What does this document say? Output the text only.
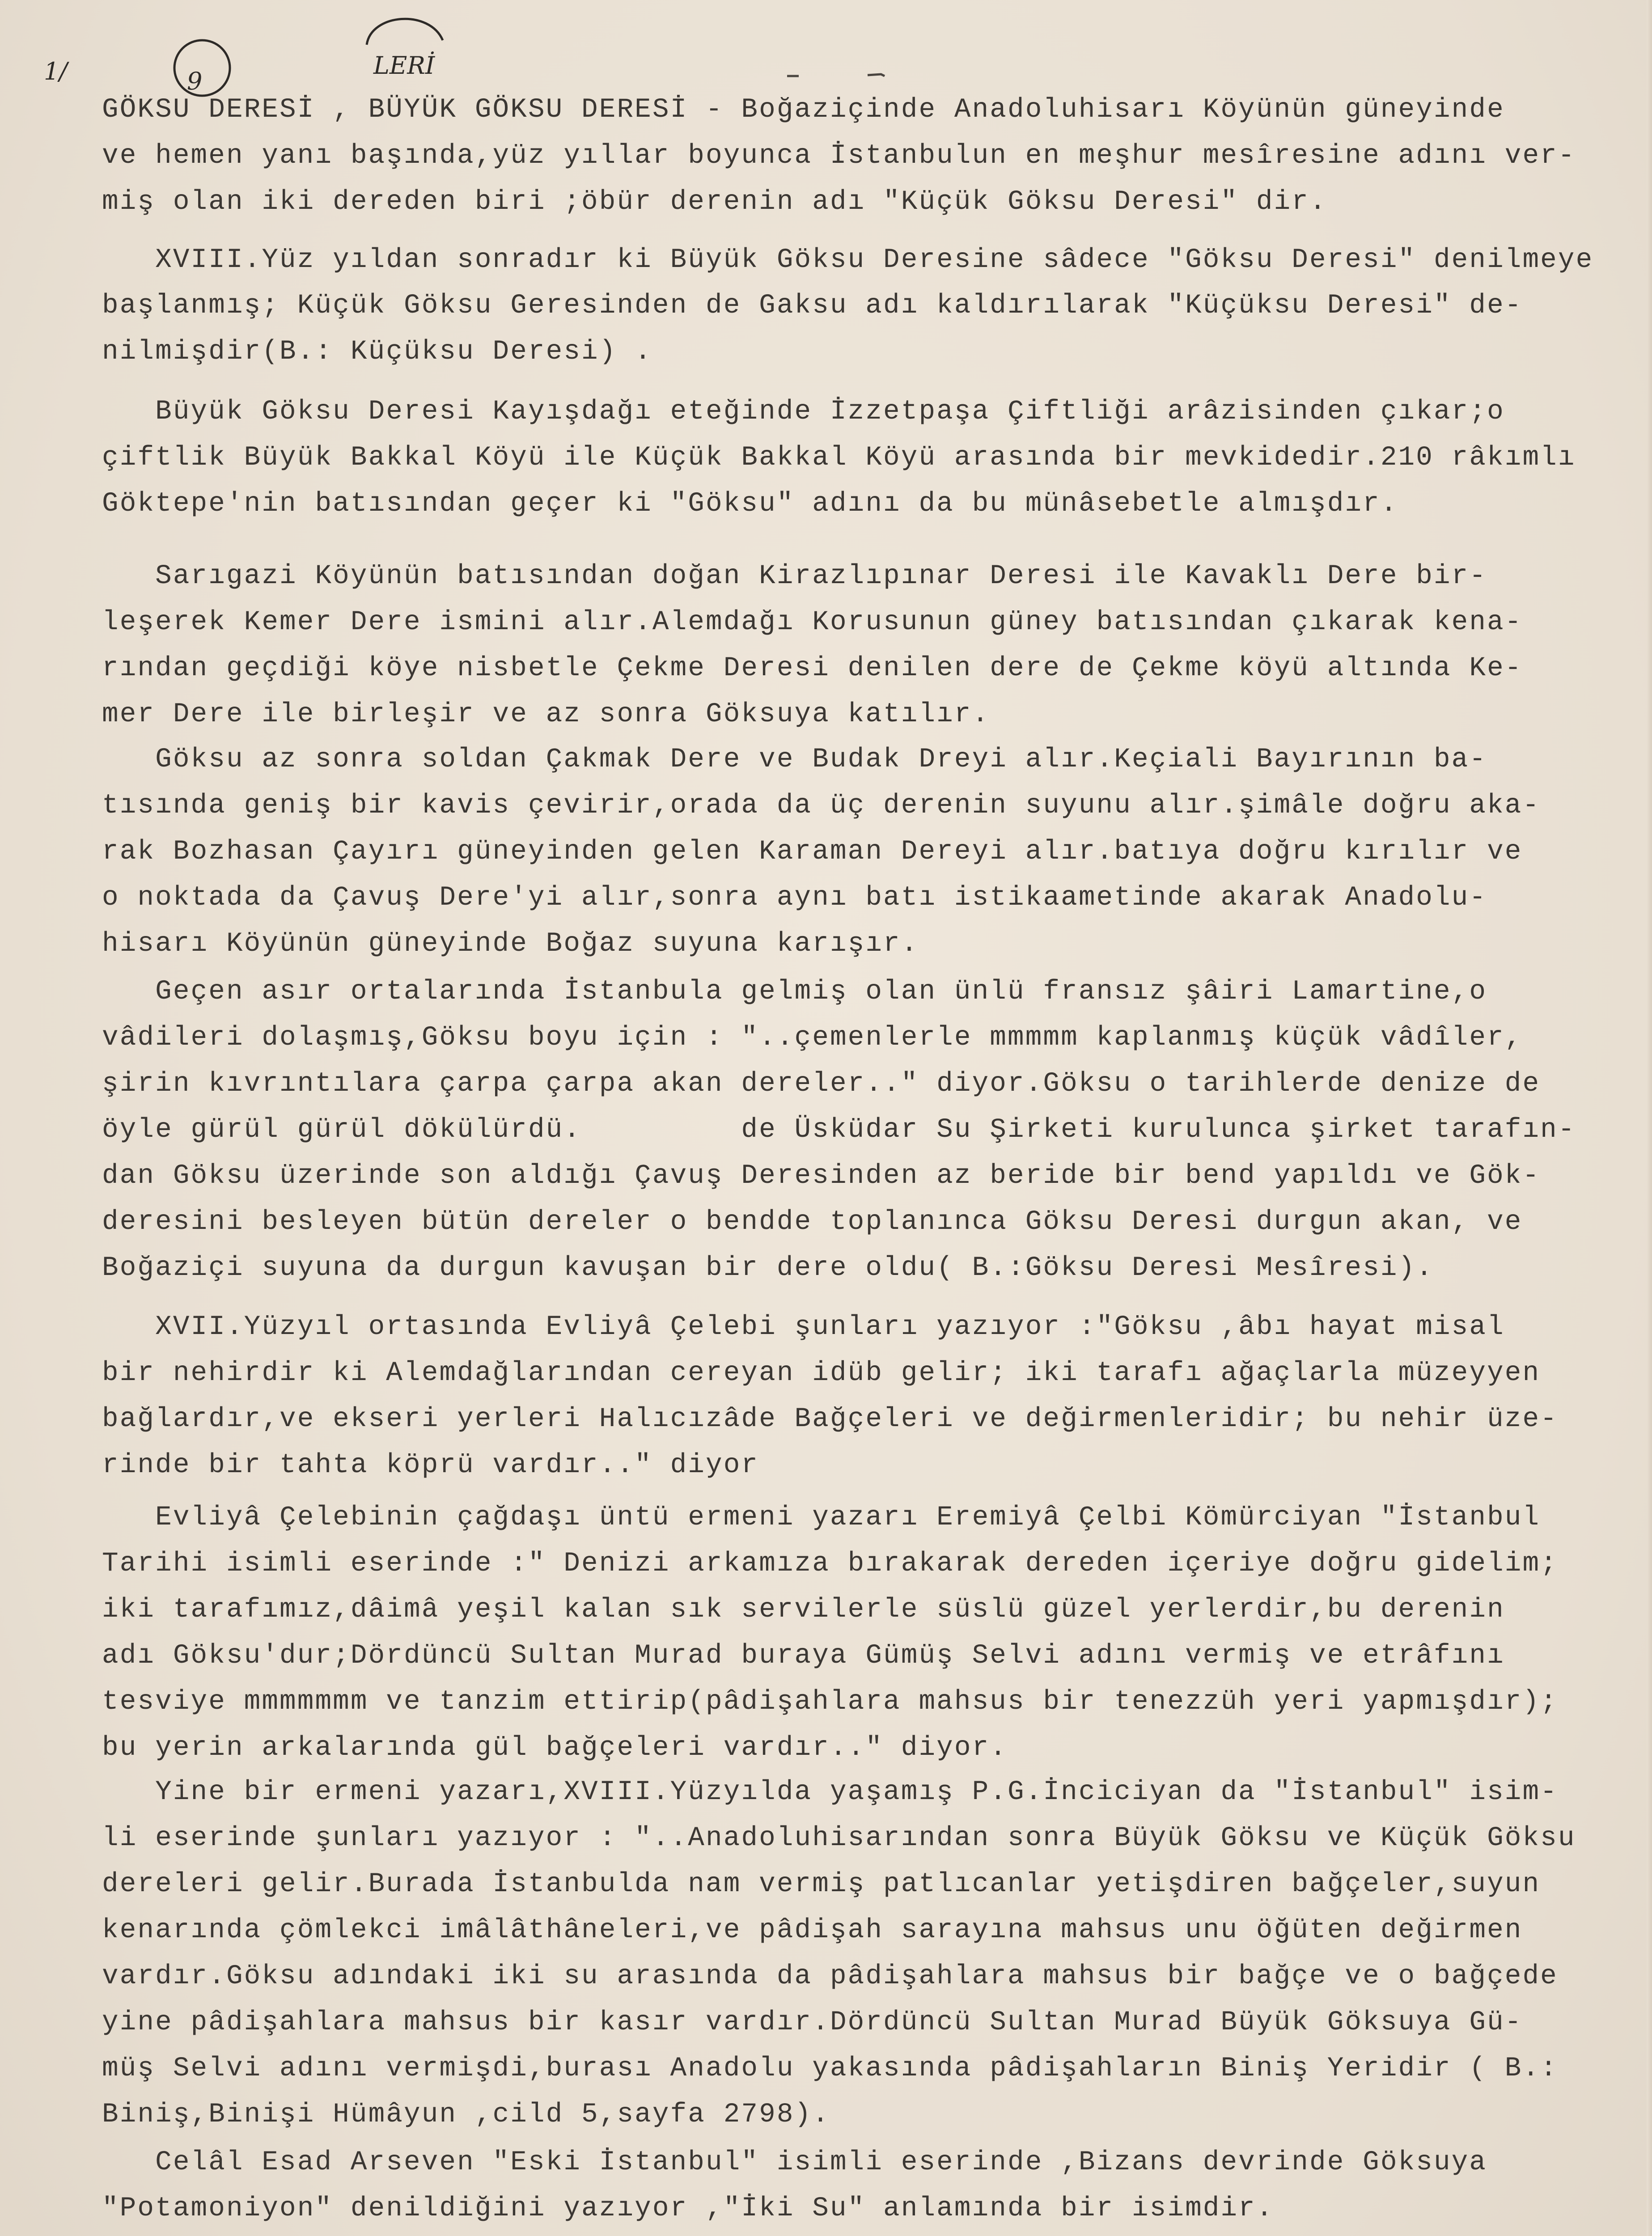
1/	9
LERİ
GÖKSU DERESİ , BÜYÜK GÖKSU DERESİ - Boğaziçinde Anadoluhisarı Köyünün güneyinde
ve hemen yanı başında,yüz yıllar boyunca İstanbulun en meşhur mesîresine adını ver-
miş olan iki dereden biri ;öbür derenin adı "Küçük Göksu Deresi" dir.
XVIII.Yüz yıldan sonradır ki Büyük Göksu Deresine sâdece "Göksu Deresi" denilmeye
başlanmış; Küçük Göksu Geresinden de Gaksu adı kaldırılarak "Küçüksu Deresi" de-
nilmişdir(B.: Küçüksu Deresi) .
Büyük Göksu Deresi Kayışdağı eteğinde İzzetpaşa Çiftliği arâzisinden çıkar;o
çiftlik Büyük Bakkal Köyü ile Küçük Bakkal Köyü arasında bir mevkidedir.210 râkımlı
Göktepe'nin batısından geçer ki "Göksu" adını da bu münâsebetle almışdır.
Sarıgazi Köyünün batısından doğan Kirazlıpınar Deresi ile Kavaklı Dere bir-
leşerek Kemer Dere ismini alır.Alemdağı Korusunun güney batısından çıkarak kena-
rından geçdiği köye nisbetle Çekme Deresi denilen dere de Çekme köyü altında Ke-
mer Dere ile birleşir ve az sonra Göksuya katılır.
Göksu az sonra soldan Çakmak Dere ve Budak Dreyi alır.Keçiali Bayırının ba-
tısında geniş bir kavis çevirir,orada da üç derenin suyunu alır.şimâle doğru aka-
rak Bozhasan Çayırı güneyinden gelen Karaman Dereyi alır.batıya doğru kırılır ve
o noktada da Çavuş Dere'yi alır,sonra aynı batı istikaametinde akarak Anadolu-
hisarı Köyünün güneyinde Boğaz suyuna karışır.
Geçen asır ortalarında İstanbula gelmiş olan ünlü fransız şâiri Lamartine,o
vâdileri dolaşmış,Göksu boyu için : "..çemenlerle mmmmm kaplanmış küçük vâdîler,
şirin kıvrıntılara çarpa çarpa akan dereler.." diyor.Göksu o tarihlerde denize de
öyle gürül gürül dökülürdü.         de Üsküdar Su Şirketi kurulunca şirket tarafın-
dan Göksu üzerinde son aldığı Çavuş Deresinden az beride bir bend yapıldı ve Gök-
deresini besleyen bütün dereler o bendde toplanınca Göksu Deresi durgun akan, ve
Boğaziçi suyuna da durgun kavuşan bir dere oldu( B.:Göksu Deresi Mesîresi).
XVII.Yüzyıl ortasında Evliyâ Çelebi şunları yazıyor :"Göksu ,âbı hayat misal
bir nehirdir ki Alemdağlarından cereyan idüb gelir; iki tarafı ağaçlarla müzeyyen
bağlardır,ve ekseri yerleri Halıcızâde Bağçeleri ve değirmenleridir; bu nehir üze-
rinde bir tahta köprü vardır.." diyor
Evliyâ Çelebinin çağdaşı üntü ermeni yazarı Eremiyâ Çelbi Kömürciyan "İstanbul
Tarihi isimli eserinde :" Denizi arkamıza bırakarak dereden içeriye doğru gidelim;
iki tarafımız,dâimâ yeşil kalan sık servilerle süslü güzel yerlerdir,bu derenin
adı Göksu'dur;Dördüncü Sultan Murad buraya Gümüş Selvi adını vermiş ve etrâfını
tesviye mmmmmmm ve tanzim ettirip(pâdişahlara mahsus bir tenezzüh yeri yapmışdır);
bu yerin arkalarında gül bağçeleri vardır.." diyor.
Yine bir ermeni yazarı,XVIII.Yüzyılda yaşamış P.G.İnciciyan da "İstanbul" isim-
li eserinde şunları yazıyor : "..Anadoluhisarından sonra Büyük Göksu ve Küçük Göksu
dereleri gelir.Burada İstanbulda nam vermiş patlıcanlar yetişdiren bağçeler,suyun
kenarında çömlekci imâlâthâneleri,ve pâdişah sarayına mahsus unu öğüten değirmen
vardır.Göksu adındaki iki su arasında da pâdişahlara mahsus bir bağçe ve o bağçede
yine pâdişahlara mahsus bir kasır vardır.Dördüncü Sultan Murad Büyük Göksuya Gü-
müş Selvi adını vermişdi,burası Anadolu yakasında pâdişahların Biniş Yeridir ( B.:
Biniş,Binişi Hümâyun ,cild 5,sayfa 2798).
Celâl Esad Arseven "Eski İstanbul" isimli eserinde ,Bizans devrinde Göksuya
"Potamoniyon" denildiğini yazıyor ,"İki Su" anlamında bir isimdir.
